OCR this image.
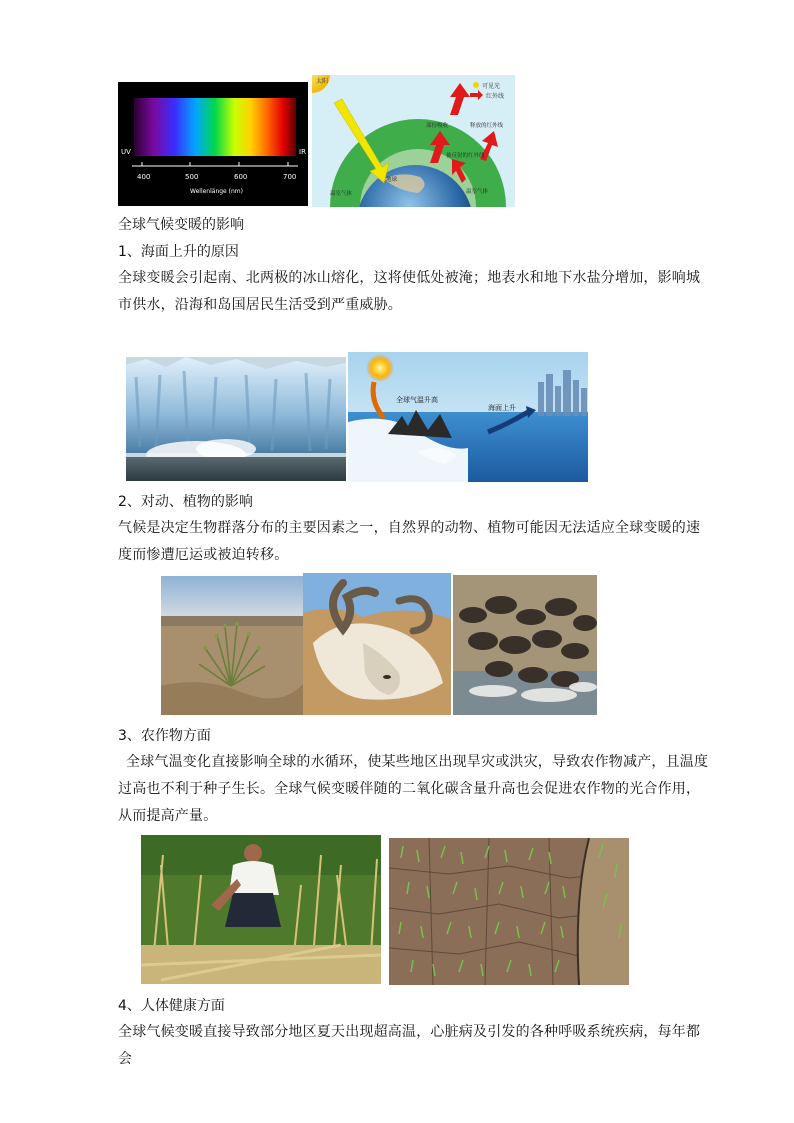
UV	IR
400	500	600	700
Wellenlänge (nm)
太阳
可见光
红外线
部份吸收	释放的红外线
被反射的红外线
地球
温室气体	温室气体
全球气候变暖的影响
1、海面上升的原因
全球变暖会引起南、北两极的冰山熔化，这将使低处被淹；地表水和地下水盐分增加，影响城市供水，沿海和岛国居民生活受到严重威胁。
全球气温升高
海面上升
2、对动、植物的影响
气候是决定生物群落分布的主要因素之一，自然界的动物、植物可能因无法适应全球变暖的速度而惨遭厄运或被迫转移。
3、农作物方面
全球气温变化直接影响全球的水循环，使某些地区出现旱灾或洪灾，导致农作物减产，且温度过高也不利于种子生长。全球气候变暖伴随的二氧化碳含量升高也会促进农作物的光合作用，从而提高产量。
4、人体健康方面
全球气候变暖直接导致部分地区夏天出现超高温，心脏病及引发的各种呼吸系统疾病，每年都会
